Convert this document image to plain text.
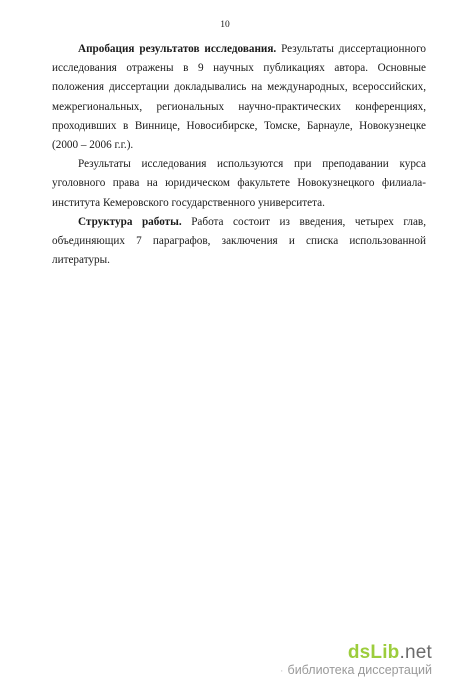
10

Апробация результатов исследования. Результаты диссертационного исследования отражены в 9 научных публикациях автора. Основные положения диссертации докладывались на международных, всероссийских, межрегиональных, региональных научно-практических конференциях, проходивших в Виннице, Новосибирске, Томске, Барнауле, Новокузнецке (2000 – 2006 г.г.).

Результаты исследования используются при преподавании курса уголовного права на юридическом факультете Новокузнецкого филиала-института Кемеровского государственного университета.

Структура работы. Работа состоит из введения, четырех глав, объединяющих 7 параграфов, заключения и списка использованной литературы.

dsLib.net
· библиотека диссертаций
